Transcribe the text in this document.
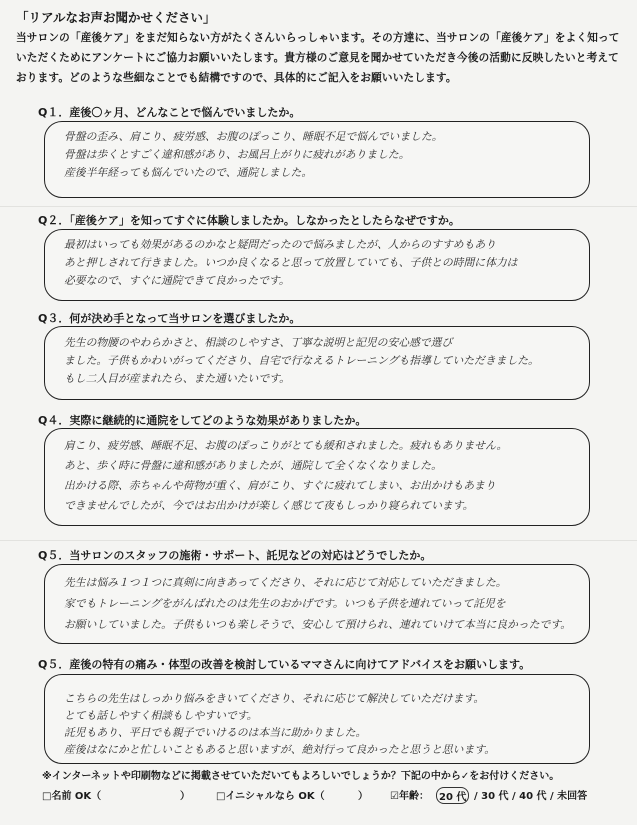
「リアルなお声お聞かせください」
当サロンの「産後ケア」をまだ知らない方がたくさんいらっしゃいます。その方達に、当サロンの「産後ケア」をよく知っていただくためにアンケートにご協力お願いいたします。貴方様のご意見を聞かせていただき今後の活動に反映したいと考えております。どのような些細なことでも結構ですので、具体的にご記入をお願いいたします。
Q１．産後〇ヶ月、どんなことで悩んでいましたか。
骨盤の歪み、肩こり、疲労感、お腹のぽっこり、睡眠不足で悩んでいました。
骨盤は歩くとすごく違和感があり、お風呂上がりに疲れがありました。
産後半年経っても悩んでいたので、通院しました。
Q２．「産後ケア」を知ってすぐに体験しましたか。しなかったとしたらなぜですか。
最初はいっても効果があるのかなと疑問だったので悩みましたが、人からのすすめもあり
あと押しされて行きました。いつか良くなると思って放置していても、子供との時間に体力は
必要なので、すぐに通院できて良かったです。
Q３．何が決め手となって当サロンを選びましたか。
先生の物腰のやわらかさと、相談のしやすさ、丁寧な説明と記児の安心感で選び
ました。子供もかわいがってくださり、自宅で行なえるトレーニングも指導していただきました。
もし二人目が産まれたら、また通いたいです。
Q４．実際に継続的に通院をしてどのような効果がありましたか。
肩こり、疲労感、睡眠不足、お腹のぽっこりがとても緩和されました。疲れもありません。
あと、歩く時に骨盤に違和感がありましたが、通院して全くなくなりました。
出かける際、赤ちゃんや荷物が重く、肩がこり、すぐに疲れてしまい、お出かけもあまり
できませんでしたが、今ではお出かけが楽しく感じて夜もしっかり寝られています。
Q５．当サロンのスタッフの施術・サポート、託児などの対応はどうでしたか。
先生は悩み１つ１つに真剣に向きあってくださり、それに応じて対応していただきました。
家でもトレーニングをがんばれたのは先生のおかげです。いつも子供を連れていって託児を
お願いしていました。子供もいつも楽しそうで、安心して預けられ、連れていけて本当に良かったです。
Q５．産後の特有の痛み・体型の改善を検討しているママさんに向けてアドバイスをお願いします。
こちらの先生はしっかり悩みをきいてくださり、それに応じて解決していただけます。
とても話しやすく相談もしやすいです。
託児もあり、平日でも親子でいけるのは本当に助かりました。
産後はなにかと忙しいこともあると思いますが、絶対行って良かったと思うと思います。
※インターネットや印刷物などに掲載させていただいてもよろしいでしょうか？下記の中から✓をお付けください。
□名前 OK（	）	□イニシャルなら OK（	） ☑年齢：	20 代 / 30 代 / 40 代 / 未回答
